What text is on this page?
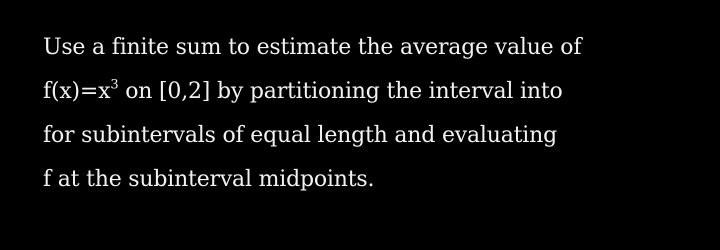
Use a finite sum to estimate the average value of
$f(x)=x^3$ on [0,2] by partitioning the interval into
for subintervals of equal length and evaluating
f at the subinterval midpoints.
